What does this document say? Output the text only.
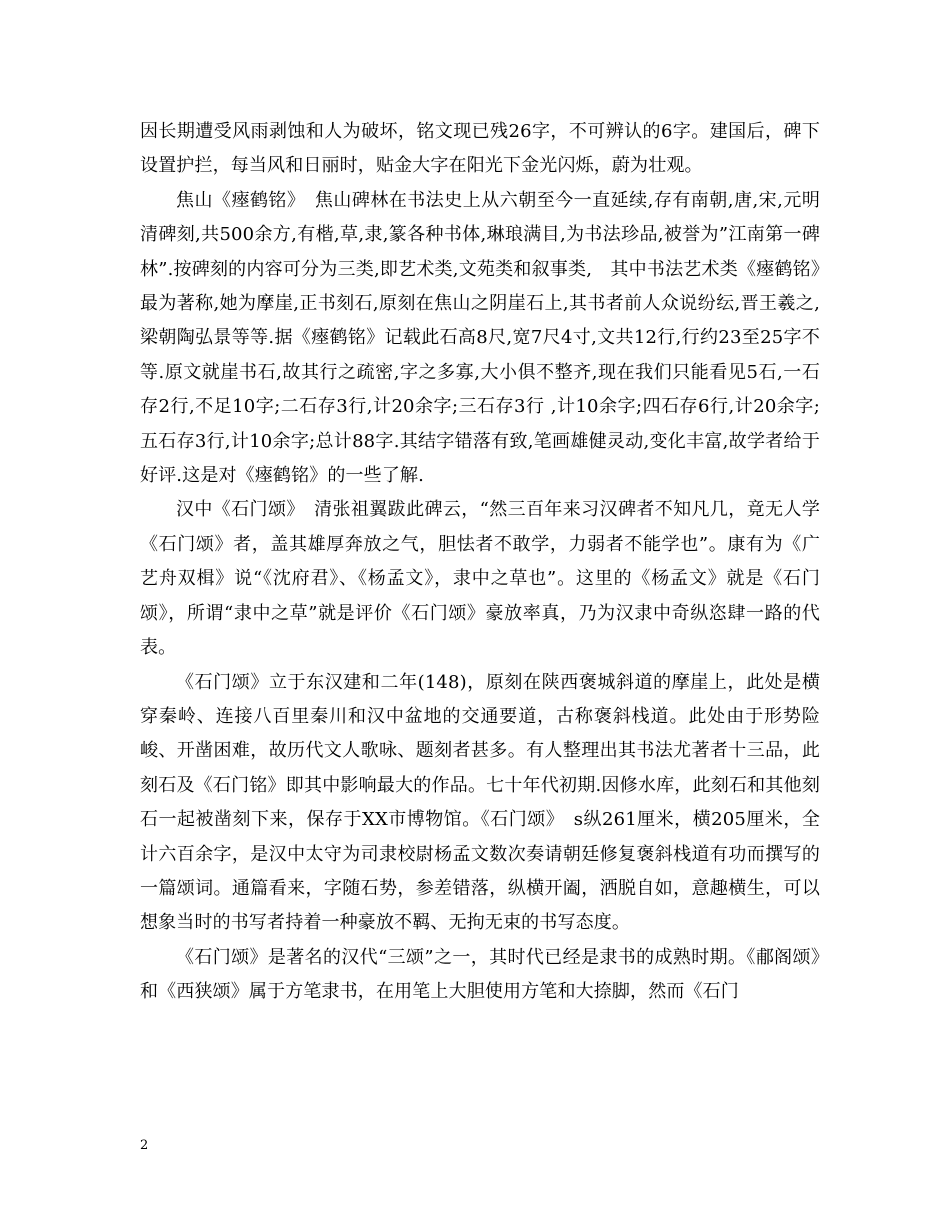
因长期遭受风雨剥蚀和人为破坏，铭文现已残26字，不可辨认的6字。建国后，碑下设置护拦，每当风和日丽时，贴金大字在阳光下金光闪烁，蔚为壮观。

焦山《瘞鹤铭》　焦山碑林在书法史上从六朝至今一直延续,存有南朝,唐,宋,元明清碑刻,共500余方,有楷,草,隶,篆各种书体,琳琅满目,为书法珍品,被誉为”江南第一碑林”.按碑刻的内容可分为三类,即艺术类,文苑类和叙事类,　其中书法艺术类《瘞鹤铭》最为著称,她为摩崖,正书刻石,原刻在焦山之阴崖石上,其书者前人众说纷纭,晋王羲之,梁朝陶弘景等等.据《瘞鹤铭》记载此石高8尺,宽7尺4寸,文共12行,行约23至25字不等.原文就崖书石,故其行之疏密,字之多寡,大小俱不整齐,现在我们只能看见5石,一石存2行,不足10字;二石存3行,计20余字;三石存3行 ,计10余字;四石存6行,计20余字;五石存3行,计10余字;总计88字.其结字错落有致,笔画雄健灵动,变化丰富,故学者给于好评.这是对《瘞鹤铭》的一些了解.

汉中《石门颂》　清张祖翼跋此碑云，“然三百年来习汉碑者不知凡几，竟无人学《石门颂》者，盖其雄厚奔放之气，胆怯者不敢学，力弱者不能学也”。康有为《广艺舟双楫》说“《沈府君》、《杨孟文》，隶中之草也”。这里的《杨孟文》就是《石门颂》，所谓“隶中之草”就是评价《石门颂》豪放率真，乃为汉隶中奇纵恣肆一路的代表。

《石门颂》立于东汉建和二年(148)，原刻在陕西褒城斜道的摩崖上，此处是横穿秦岭、连接八百里秦川和汉中盆地的交通要道，古称褒斜栈道。此处由于形势险峻、开凿困难，故历代文人歌咏、题刻者甚多。有人整理出其书法尤著者十三品，此刻石及《石门铭》即其中影响最大的作品。七十年代初期.因修水库，此刻石和其他刻石一起被凿刻下来，保存于XX市博物馆。《石门颂》　s纵261厘米，横205厘米，全计六百余字，是汉中太守为司隶校尉杨孟文数次奏请朝廷修复褒斜栈道有功而撰写的一篇颂词。通篇看来，字随石势，参差错落，纵横开阖，洒脱自如，意趣横生，可以想象当时的书写者持着一种豪放不羁、无拘无束的书写态度。

《石门颂》是著名的汉代“三颂”之一，其时代已经是隶书的成熟时期。《郙阁颂》和《西狭颂》属于方笔隶书，在用笔上大胆使用方笔和大捺脚，然而《石门

2
